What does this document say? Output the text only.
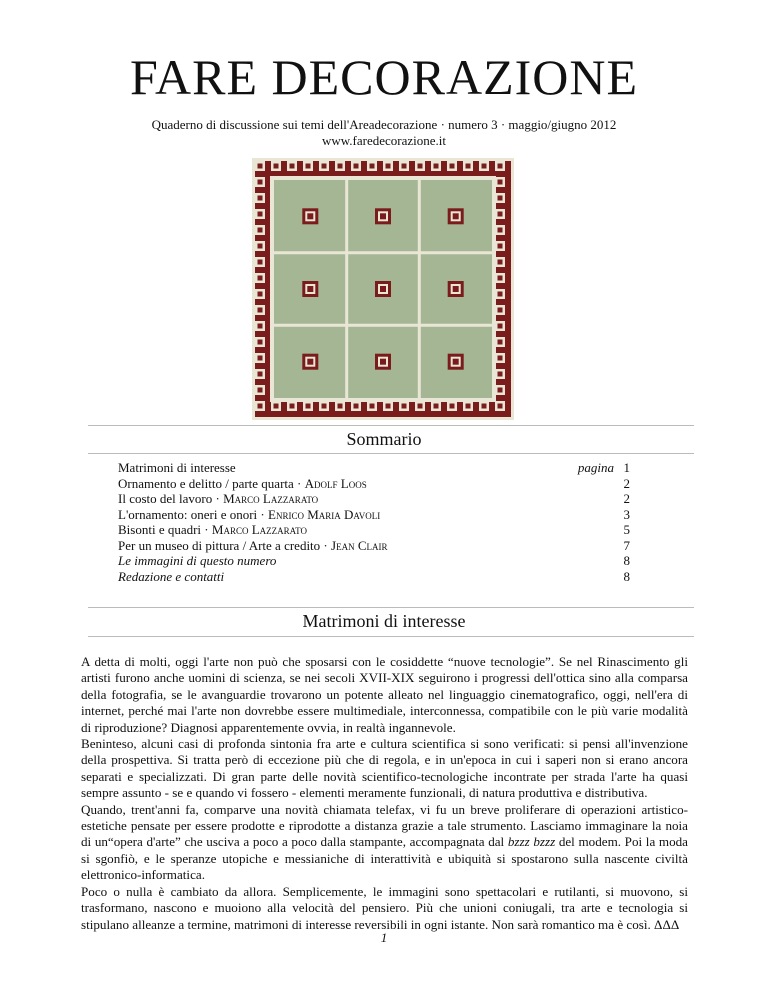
FARE DECORAZIONE
Quaderno di discussione sui temi dell'Areadecorazione · numero 3 · maggio/giugno 2012
www.faredecorazione.it
Sommario
Matrimoni di interesse	pagina 1
Ornamento e delitto / parte quarta · Adolf Loos	2
Il costo del lavoro · Marco Lazzarato	2
L'ornamento: oneri e onori · Enrico Maria Davoli	3
Bisonti e quadri · Marco Lazzarato	5
Per un museo di pittura / Arte a credito · Jean Clair	7
Le immagini di questo numero	8
Redazione e contatti	8
Matrimoni di interesse

A detta di molti, oggi l'arte non può che sposarsi con le cosiddette “nuove tecnologie”. Se nel Rinascimento gli artisti furono anche uomini di scienza, se nei secoli XVII-XIX seguirono i progressi dell'ottica sino alla comparsa della fotografia, se le avanguardie trovarono un potente alleato nel linguaggio cinematografico, oggi, nell'era di internet, perché mai l'arte non dovrebbe essere multimediale, interconnessa, compatibile con le più varie modalità di riproduzione? Diagnosi apparentemente ovvia, in realtà ingannevole.

Beninteso, alcuni casi di profonda sintonia fra arte e cultura scientifica si sono verificati: si pensi all'invenzione della prospettiva. Si tratta però di eccezione più che di regola, e in un'epoca in cui i saperi non si erano ancora separati e specializzati. Di gran parte delle novità scientifico-tecnologiche incontrate per strada l'arte ha quasi sempre assunto - se e quando vi fossero - elementi meramente funzionali, di natura produttiva e distributiva.

Quando, trent'anni fa, comparve una novità chiamata telefax, vi fu un breve proliferare di operazioni artistico-estetiche pensate per essere prodotte e riprodotte a distanza grazie a tale strumento. Lasciamo immaginare la noia di un“opera d'arte” che usciva a poco a poco dalla stampante, accompagnata dal bzzz bzzz del modem. Poi la moda si sgonfiò, e le speranze utopiche e messianiche di interattività e ubiquità si spostarono sulla nascente civiltà elettronico-informatica.

Poco o nulla è cambiato da allora. Semplicemente, le immagini sono spettacolari e rutilanti, si muovono, si trasformano, nascono e muoiono alla velocità del pensiero. Più che unioni coniugali, tra arte e tecnologia si stipulano alleanze a termine, matrimoni di interesse reversibili in ogni istante. Non sarà romantico ma è così. ΔΔΔ

1
